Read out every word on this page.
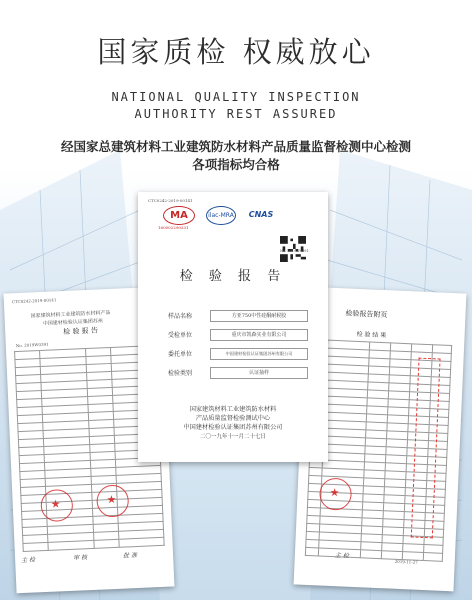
国家质检 权威放心
NATIONAL QUALITY INSPECTION
AUTHORITY REST ASSURED
经国家总建筑材料工业建筑防水材料产品质量监督检测中心检测
各项指标均合格
CTC0242-2019-00141
国家建筑材料工业建筑防水材料产品
中国建材检验认证集团苏州
检 验 报 告
No. 2019W0391

★
★
主 检	审 核	批 准
检验报告附页
检 验 结 果

★
主 检
2019-11-27
CTC0242-2019-00141
MA
160002290331
ilac-MRA CNAS
No. 2019W0391
检 验 报 告
样品名称	方亚750中性硅酮耐候胶
受检单位	重庆市凯森实业有限公司
委托单位	中国建材检验认证集团苏州有限公司
检验类别	认证抽样
国家建筑材料工业建筑防水材料
产品质量监督检验测试中心
中国建材检验认证集团苏州有限公司
二〇一九年十一月二十七日
